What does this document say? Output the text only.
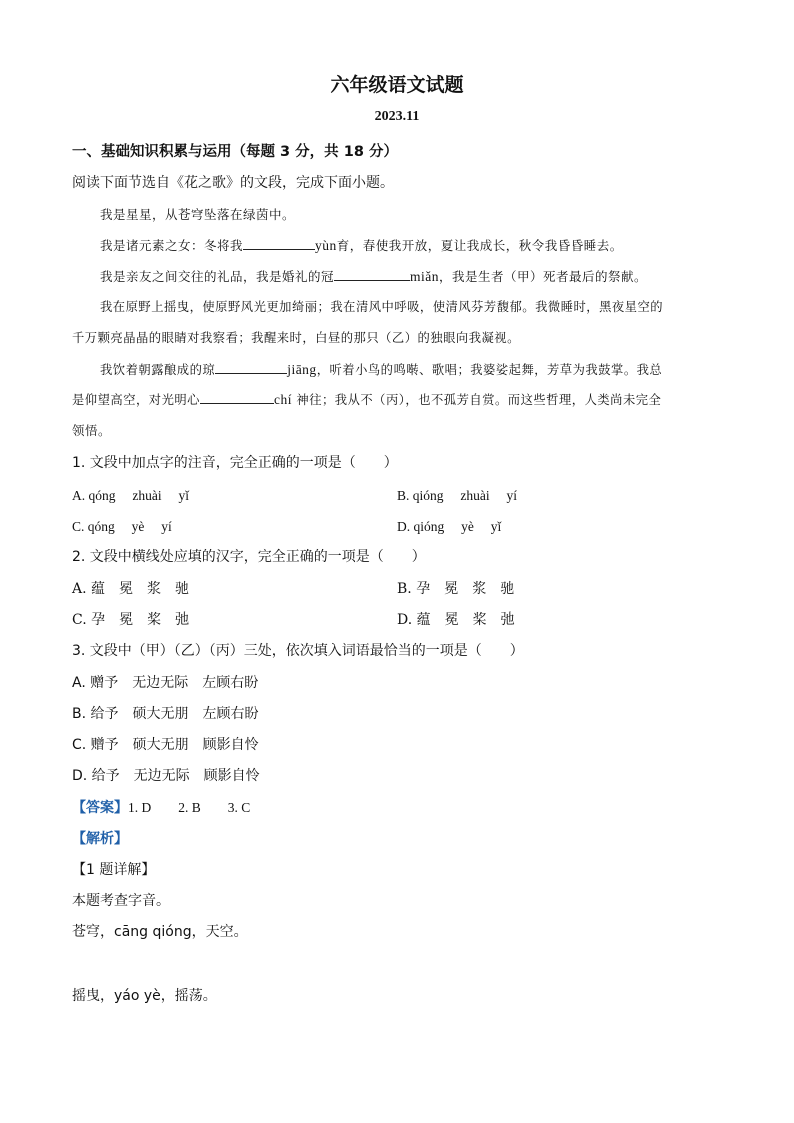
六年级语文试题
2023.11
一、基础知识积累与运用（每题 3 分，共 18 分）
阅读下面节选自《花之歌》的文段，完成下面小题。
我是星星，从苍穹坠落在绿茵中。
我是诸元素之女：冬将我	yùn育，春使我开放，夏让我成长，秋令我昏昏睡去。
我是亲友之间交往的礼品，我是婚礼的冠	miǎn，我是生者（甲）死者最后的祭献。
我在原野上摇曳，使原野风光更加绮丽；我在清风中呼吸，使清风芬芳馥郁。我微睡时，黑夜星空的
千万颗亮晶晶的眼睛对我察看；我醒来时，白昼的那只（乙）的独眼向我凝视。
我饮着朝露酿成的琼	jiāng，听着小鸟的鸣啭、歌唱；我婆娑起舞，芳草为我鼓掌。我总
是仰望高空，对光明心	chí 神往；我从不（丙），也不孤芳自赏。而这些哲理，人类尚未完全
领悟。
1. 文段中加点字的注音，完全正确的一项是（　　）
A. qóng　 zhuài　 yǐ	B. qióng　 zhuài　 yí
C. qóng　 yè　 yí	D. qióng　 yè　 yǐ
2. 文段中横线处应填的汉字，完全正确的一项是（　　）
A. 蕴　冕　浆　驰	B. 孕　冕　浆　驰
C. 孕　冕　桨　弛	D. 蕴　冕　桨　弛
3. 文段中（甲）（乙）（丙）三处，依次填入词语最恰当的一项是（　　）
A. 赠予　无边无际　左顾右盼
B. 给予　硕大无朋　左顾右盼
C. 赠予　硕大无朋　顾影自怜
D. 给予　无边无际　顾影自怜
【答案】1. D　　2. B　　3. C
【解析】
【1 题详解】
本题考查字音。
苍穹，cāng qióng，天空。
摇曳，yáo yè，摇荡。
